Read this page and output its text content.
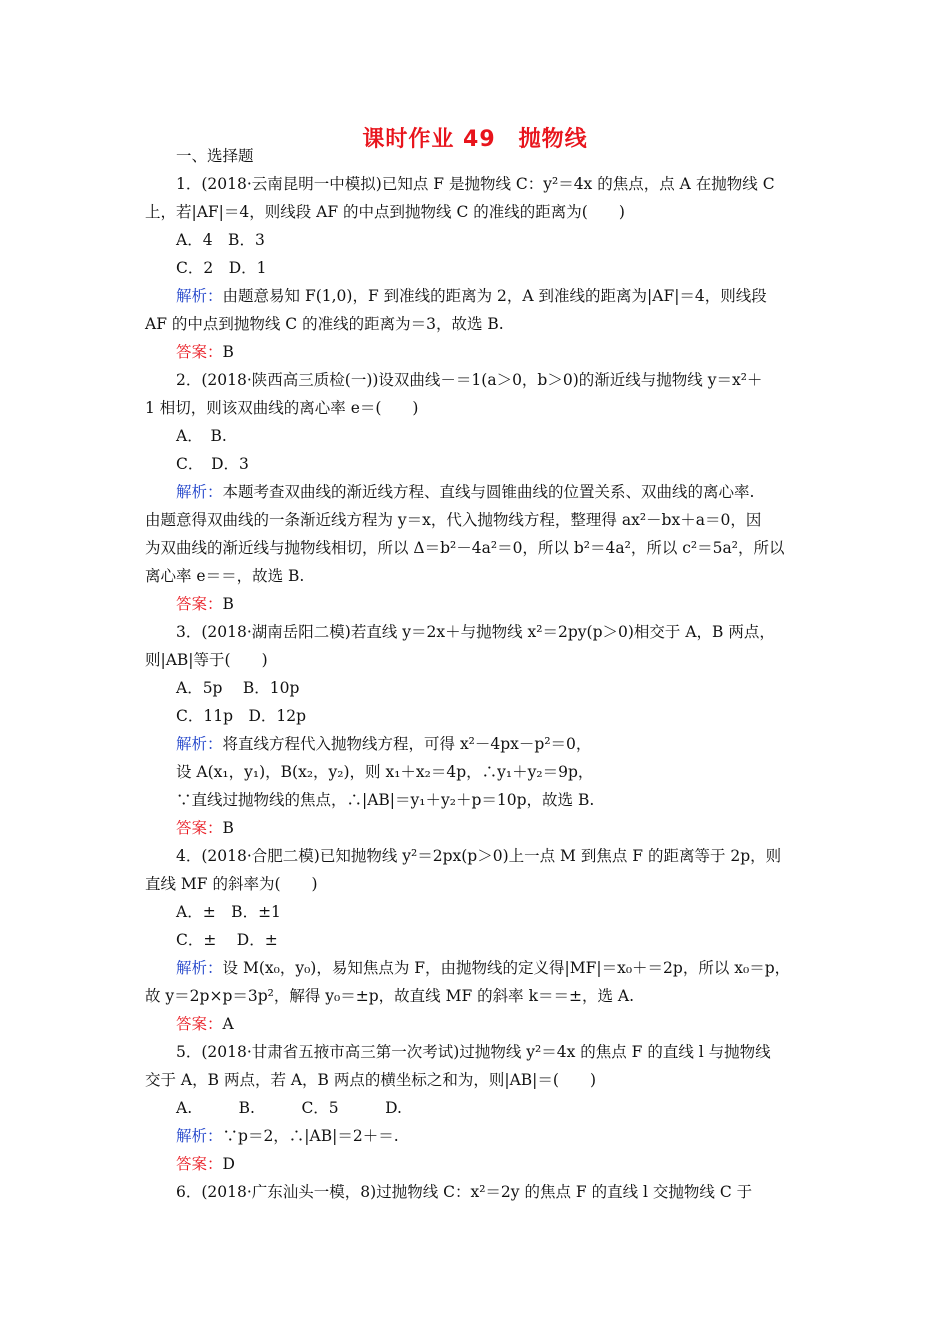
课时作业 49　抛物线
一、选择题
1．(2018·云南昆明一中模拟)已知点 F 是抛物线 C：y²＝4x 的焦点，点 A 在抛物线 C
上，若|AF|＝4，则线段 AF 的中点到抛物线 C 的准线的距离为(　　)
A．4　B．3
C．2　D．1
解析：由题意易知 F(1,0)，F 到准线的距离为 2，A 到准线的距离为|AF|＝4，则线段
AF 的中点到抛物线 C 的准线的距离为＝3，故选 B.
答案：B
2．(2018·陕西高三质检(一))设双曲线－＝1(a＞0，b＞0)的渐近线与抛物线 y＝x²＋
1 相切，则该双曲线的离心率 e＝(　　)
A．　B.
C．　D．3
解析：本题考查双曲线的渐近线方程、直线与圆锥曲线的位置关系、双曲线的离心率.
由题意得双曲线的一条渐近线方程为 y＝x，代入抛物线方程，整理得 ax²－bx＋a＝0，因
为双曲线的渐近线与抛物线相切，所以 Δ＝b²－4a²＝0，所以 b²＝4a²，所以 c²＝5a²，所以
离心率 e＝＝，故选 B.
答案：B
3．(2018·湖南岳阳二模)若直线 y＝2x＋与抛物线 x²＝2py(p＞0)相交于 A，B 两点，
则|AB|等于(　　)
A．5p　 B．10p
C．11p　D．12p
解析：将直线方程代入抛物线方程，可得 x²－4px－p²＝0，
设 A(x₁，y₁)，B(x₂，y₂)，则 x₁＋x₂＝4p，∴y₁＋y₂＝9p，
∵直线过抛物线的焦点，∴|AB|＝y₁＋y₂＋p＝10p，故选 B.
答案：B
4．(2018·合肥二模)已知抛物线 y²＝2px(p＞0)上一点 M 到焦点 F 的距离等于 2p，则
直线 MF 的斜率为(　　)
A．±　B．±1
C．±　 D．±
解析：设 M(x₀，y₀)，易知焦点为 F，由抛物线的定义得|MF|＝x₀＋＝2p，所以 x₀＝p，
故 y＝2p×p＝3p²，解得 y₀＝±p，故直线 MF 的斜率 k＝＝±，选 A.
答案：A
5．(2018·甘肃省五掖市高三第一次考试)过抛物线 y²＝4x 的焦点 F 的直线 l 与抛物线
交于 A，B 两点，若 A，B 两点的横坐标之和为，则|AB|＝(　　)
A.　　　B.　　　C．5　　　D.
解析：∵p＝2，∴|AB|＝2＋＝.
答案：D
6．(2018·广东汕头一模，8)过抛物线 C：x²＝2y 的焦点 F 的直线 l 交抛物线 C 于
